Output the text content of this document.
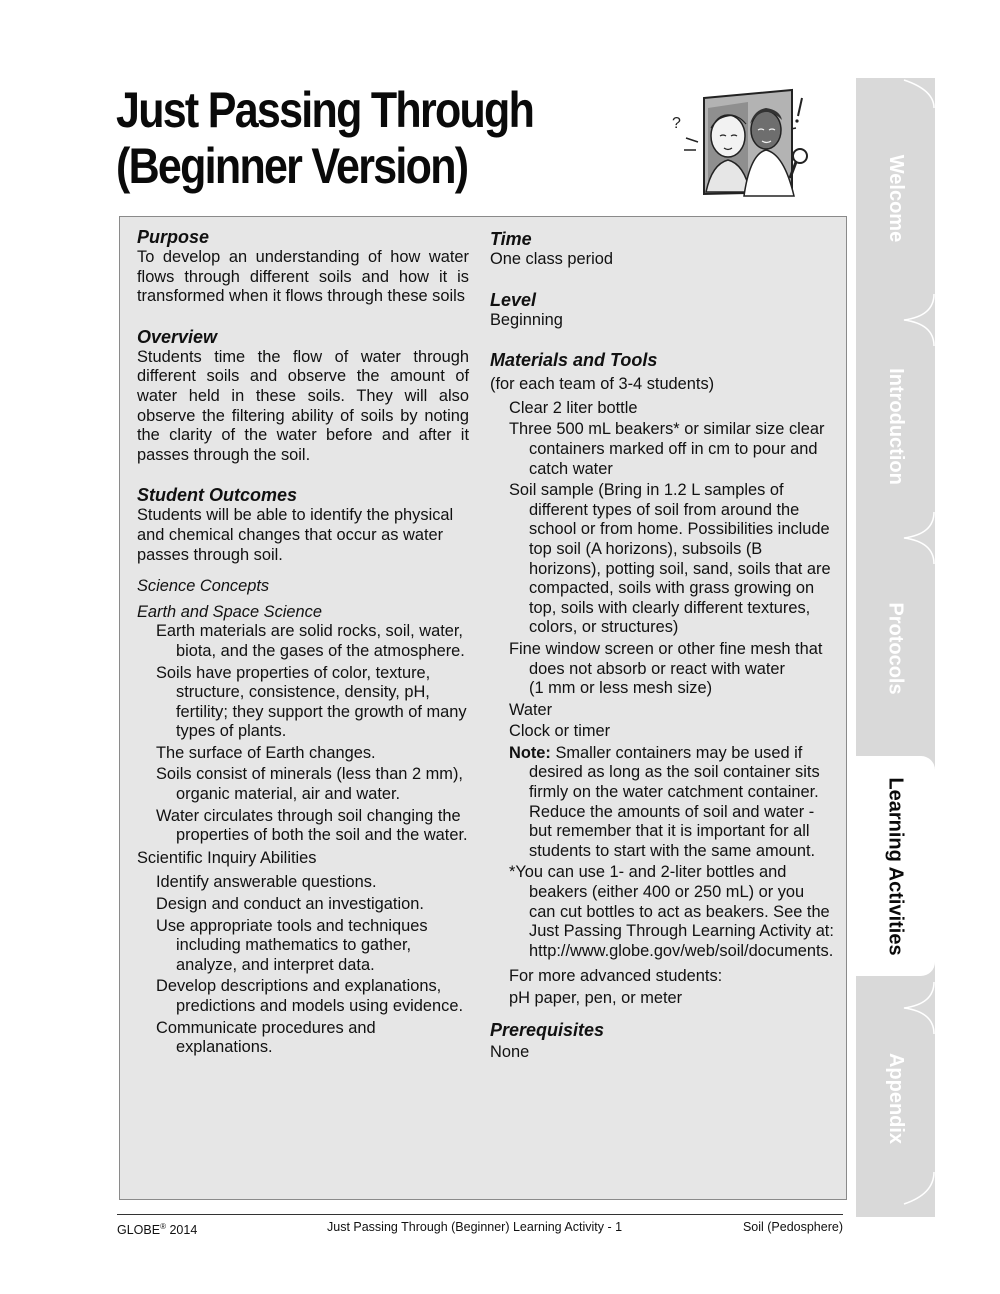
Just Passing Through
(Beginner Version)
?
Purpose
To develop an understanding of how water flows through different soils and how it is transformed when it flows through these soils
Overview
Students time the flow of water through different soils and observe the amount of water held in these soils. They will also observe the filtering ability of soils by noting the clarity of the water before and after it passes through the soil.
Student Outcomes
Students will be able to identify the physical and chemical changes that occur as water passes through soil.
Science Concepts
Earth and Space Science
Earth materials are solid rocks, soil, water, biota, and the gases of the atmosphere.
Soils have properties of color, texture, structure, consistence, density, pH, fertility; they support the growth of many types of plants.
The surface of Earth changes.
Soils consist of minerals (less than 2 mm), organic material, air and water.
Water circulates through soil changing the properties of both the soil and the water.
Scientific Inquiry Abilities
Identify answerable questions.
Design and conduct an investigation.
Use appropriate tools and techniques including mathematics to gather, analyze, and interpret data.
Develop descriptions and explanations, predictions and models using evidence.
Communicate procedures and explanations.
Time
One class period
Level
Beginning
Materials and Tools
(for each team of 3-4 students)
Clear 2 liter bottle
Three 500 mL beakers* or similar size clear containers marked off in cm to pour and catch water
Soil sample (Bring in 1.2 L samples of different types of soil from around the school or from home. Possibilities include top soil (A horizons), subsoils (B horizons), potting soil, sand, soils that are compacted, soils with grass growing on top, soils with clearly different textures, colors, or structures)
Fine window screen or other fine mesh that does not absorb or react with water
(1 mm or less mesh size)
Water
Clock or timer
Note: Smaller containers may be used if desired as long as the soil container sits firmly on the water catchment container. Reduce the amounts of soil and water - but remember that it is important for all students to start with the same amount.
*You can use 1- and 2-liter bottles and beakers (either 400 or 250 mL) or you can cut bottles to act as beakers. See the Just Passing Through Learning Activity at: http://www.globe.gov/web/soil/documents.
For more advanced students:
pH paper, pen, or meter
Prerequisites
None
Welcome
Introduction
Protocols
Learning Activities
Appendix
GLOBE® 2014	Just Passing Through (Beginner) Learning Activity - 1	Soil (Pedosphere)
